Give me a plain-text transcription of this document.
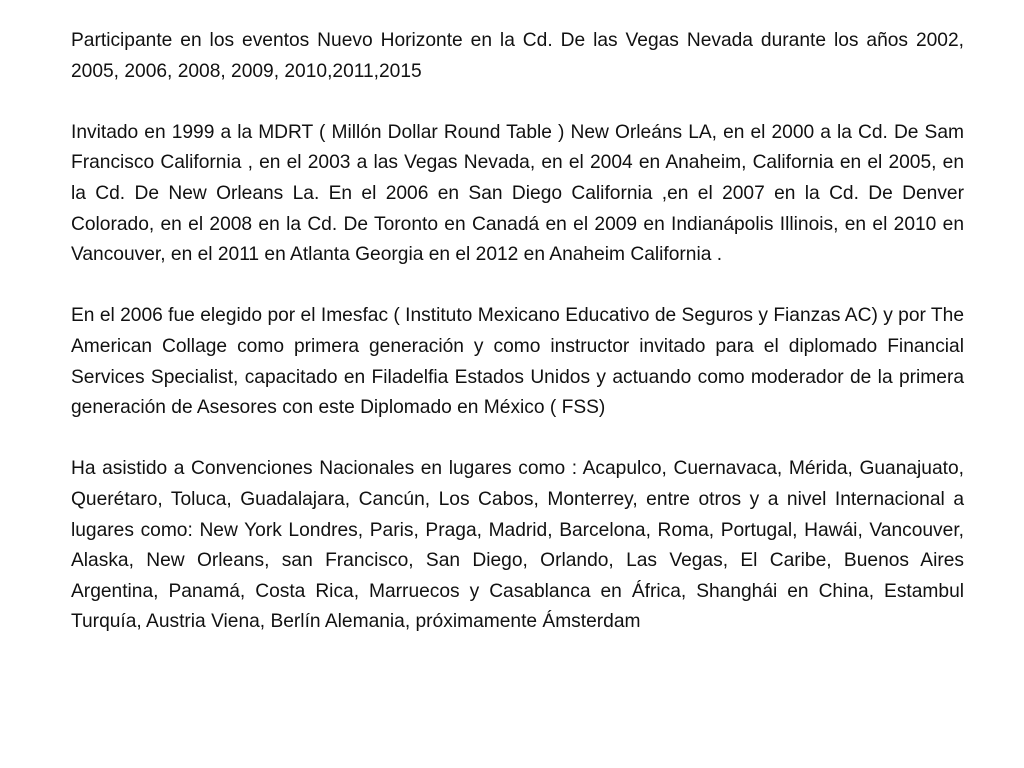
Participante en los eventos Nuevo Horizonte en la Cd. De las Vegas Nevada durante los años 2002, 2005, 2006, 2008, 2009, 2010,2011,2015

Invitado en 1999 a la MDRT ( Millón Dollar Round Table ) New Orleáns LA, en el 2000 a la Cd. De Sam Francisco California , en el 2003 a las Vegas Nevada, en el 2004 en Anaheim, California en el 2005, en la Cd. De New Orleans La. En el 2006 en San Diego California ,en el 2007 en la Cd. De Denver Colorado, en el 2008 en la Cd. De Toronto en Canadá en el 2009 en Indianápolis Illinois, en el 2010 en Vancouver, en el 2011 en Atlanta Georgia en el 2012 en Anaheim California .

En el 2006 fue elegido por el Imesfac ( Instituto Mexicano Educativo de Seguros y Fianzas AC) y por The American Collage como primera generación y como instructor invitado para el diplomado Financial Services Specialist, capacitado en Filadelfia Estados Unidos y actuando como moderador de la primera generación de Asesores con este Diplomado en México ( FSS)

Ha asistido a Convenciones Nacionales en lugares como : Acapulco, Cuernavaca, Mérida, Guanajuato, Querétaro, Toluca, Guadalajara, Cancún, Los Cabos, Monterrey, entre otros y a nivel Internacional a lugares como: New York Londres, Paris, Praga, Madrid, Barcelona, Roma, Portugal, Hawái, Vancouver, Alaska, New Orleans, san Francisco, San Diego, Orlando, Las Vegas, El Caribe, Buenos Aires Argentina, Panamá, Costa Rica, Marruecos y Casablanca en África, Shanghái en China, Estambul Turquía, Austria Viena, Berlín Alemania, próximamente Ámsterdam
